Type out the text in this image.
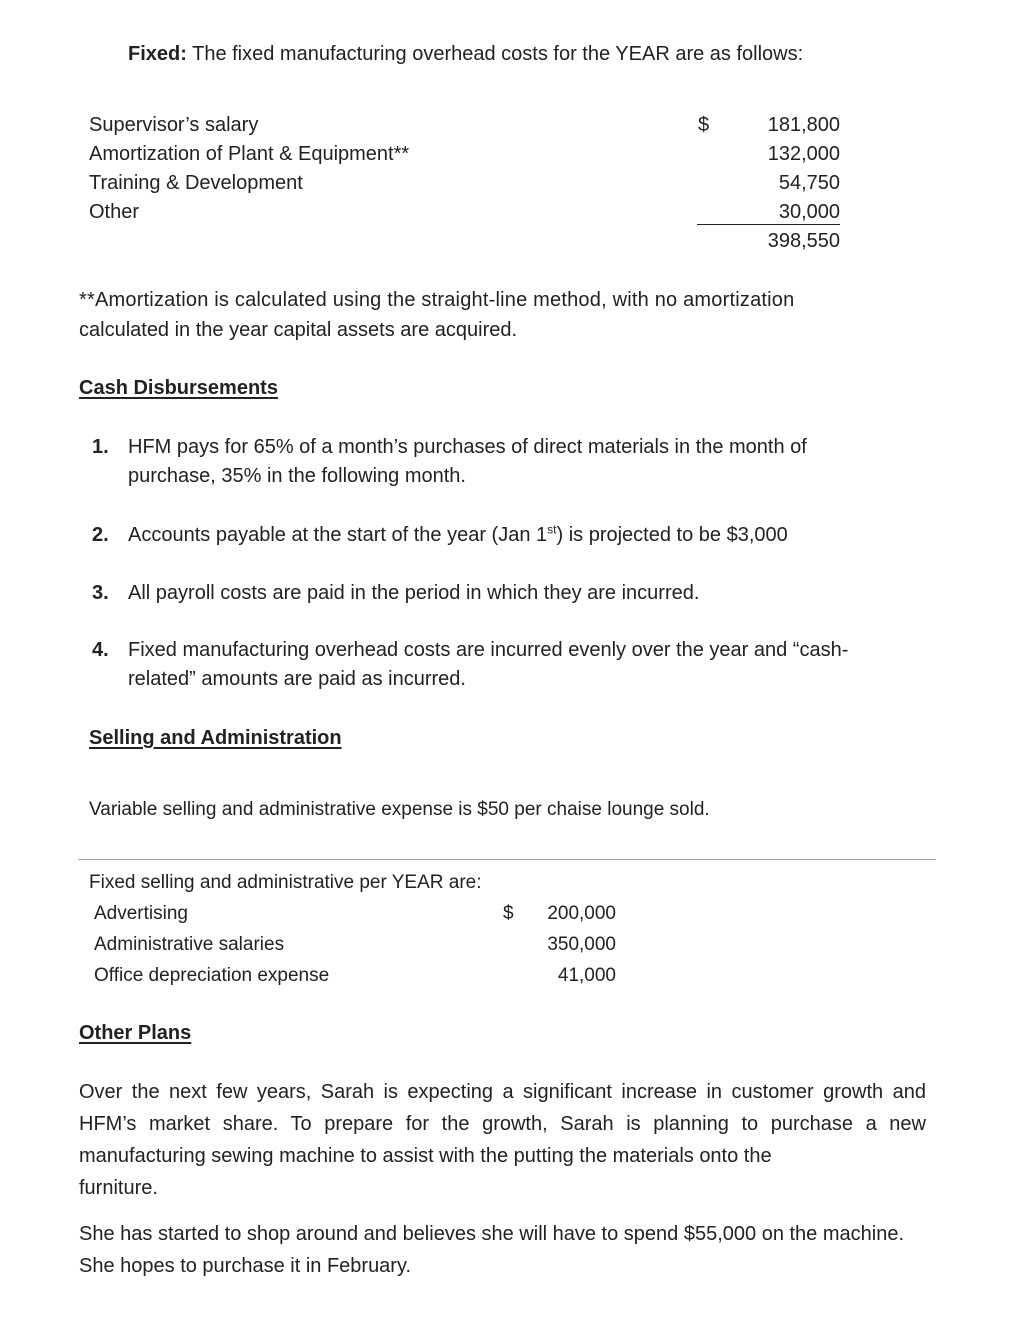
Fixed: The fixed manufacturing overhead costs for the YEAR are as follows:
Supervisor’s salary
Amortization of Plant & Equipment**
Training & Development
Other
$	181,800
132,000
54,750
30,000
398,550
**Amortization is calculated using the straight-line method, with no amortization
calculated in the year capital assets are acquired.
Cash Disbursements
1. HFM pays for 65% of a month’s purchases of direct materials in the month of
purchase, 35% in the following month.
2. Accounts payable at the start of the year (Jan 1st) is projected to be $3,000
3. All payroll costs are paid in the period in which they are incurred.
4. Fixed manufacturing overhead costs are incurred evenly over the year and “cash-
related” amounts are paid as incurred.
Selling and Administration
Variable selling and administrative expense is $50 per chaise lounge sold.
Fixed selling and administrative per YEAR are:
Advertising
Administrative salaries
Office depreciation expense
$	200,000
350,000
41,000
Other Plans
Over the next few years, Sarah is expecting a significant increase in customer growth and HFM’s market share. To prepare for the growth, Sarah is planning to purchase a new manufacturing sewing machine to assist with the putting the materials onto the
furniture.
She has started to shop around and believes she will have to spend $55,000 on the machine.
She hopes to purchase it in February.
